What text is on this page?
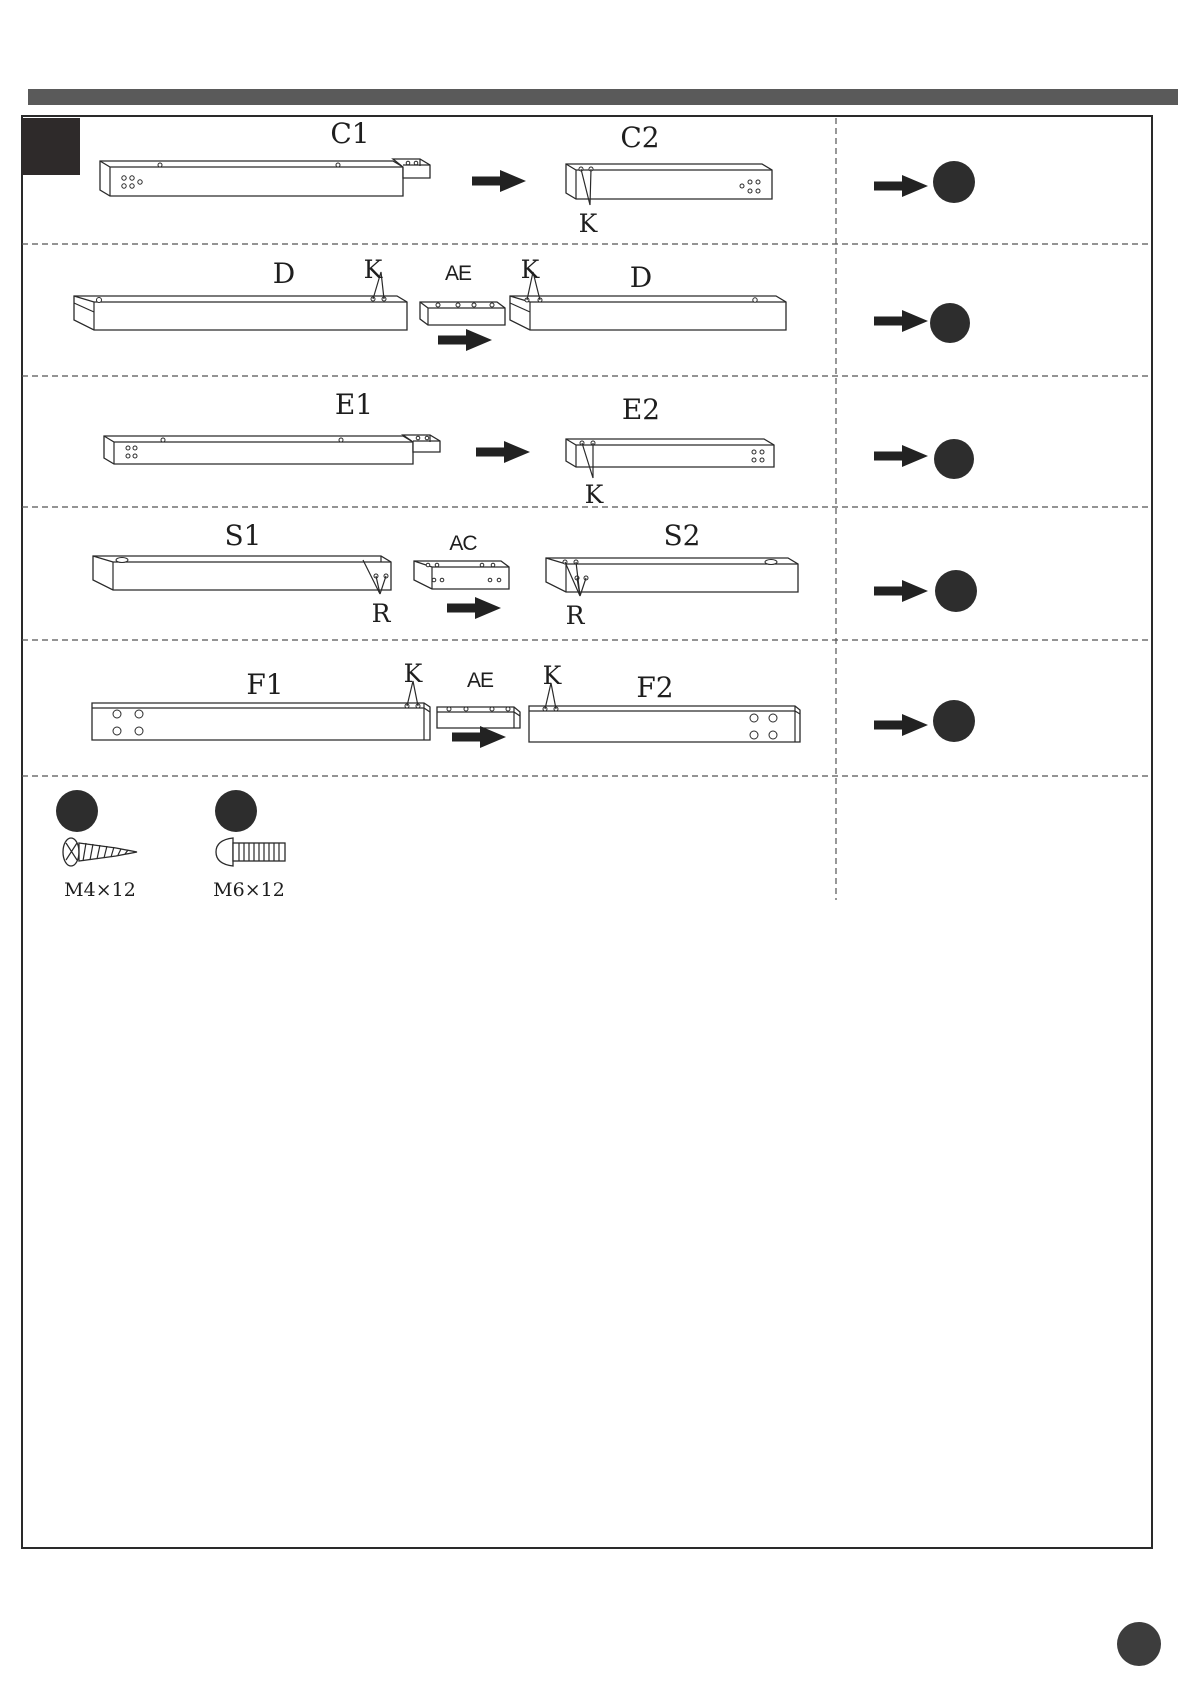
C1	C2
K
D	K	AE	D
K
E1	E2
K
S1
R
AC	S2
R
F1	K AE	F2
K
M4×12	M6×12
